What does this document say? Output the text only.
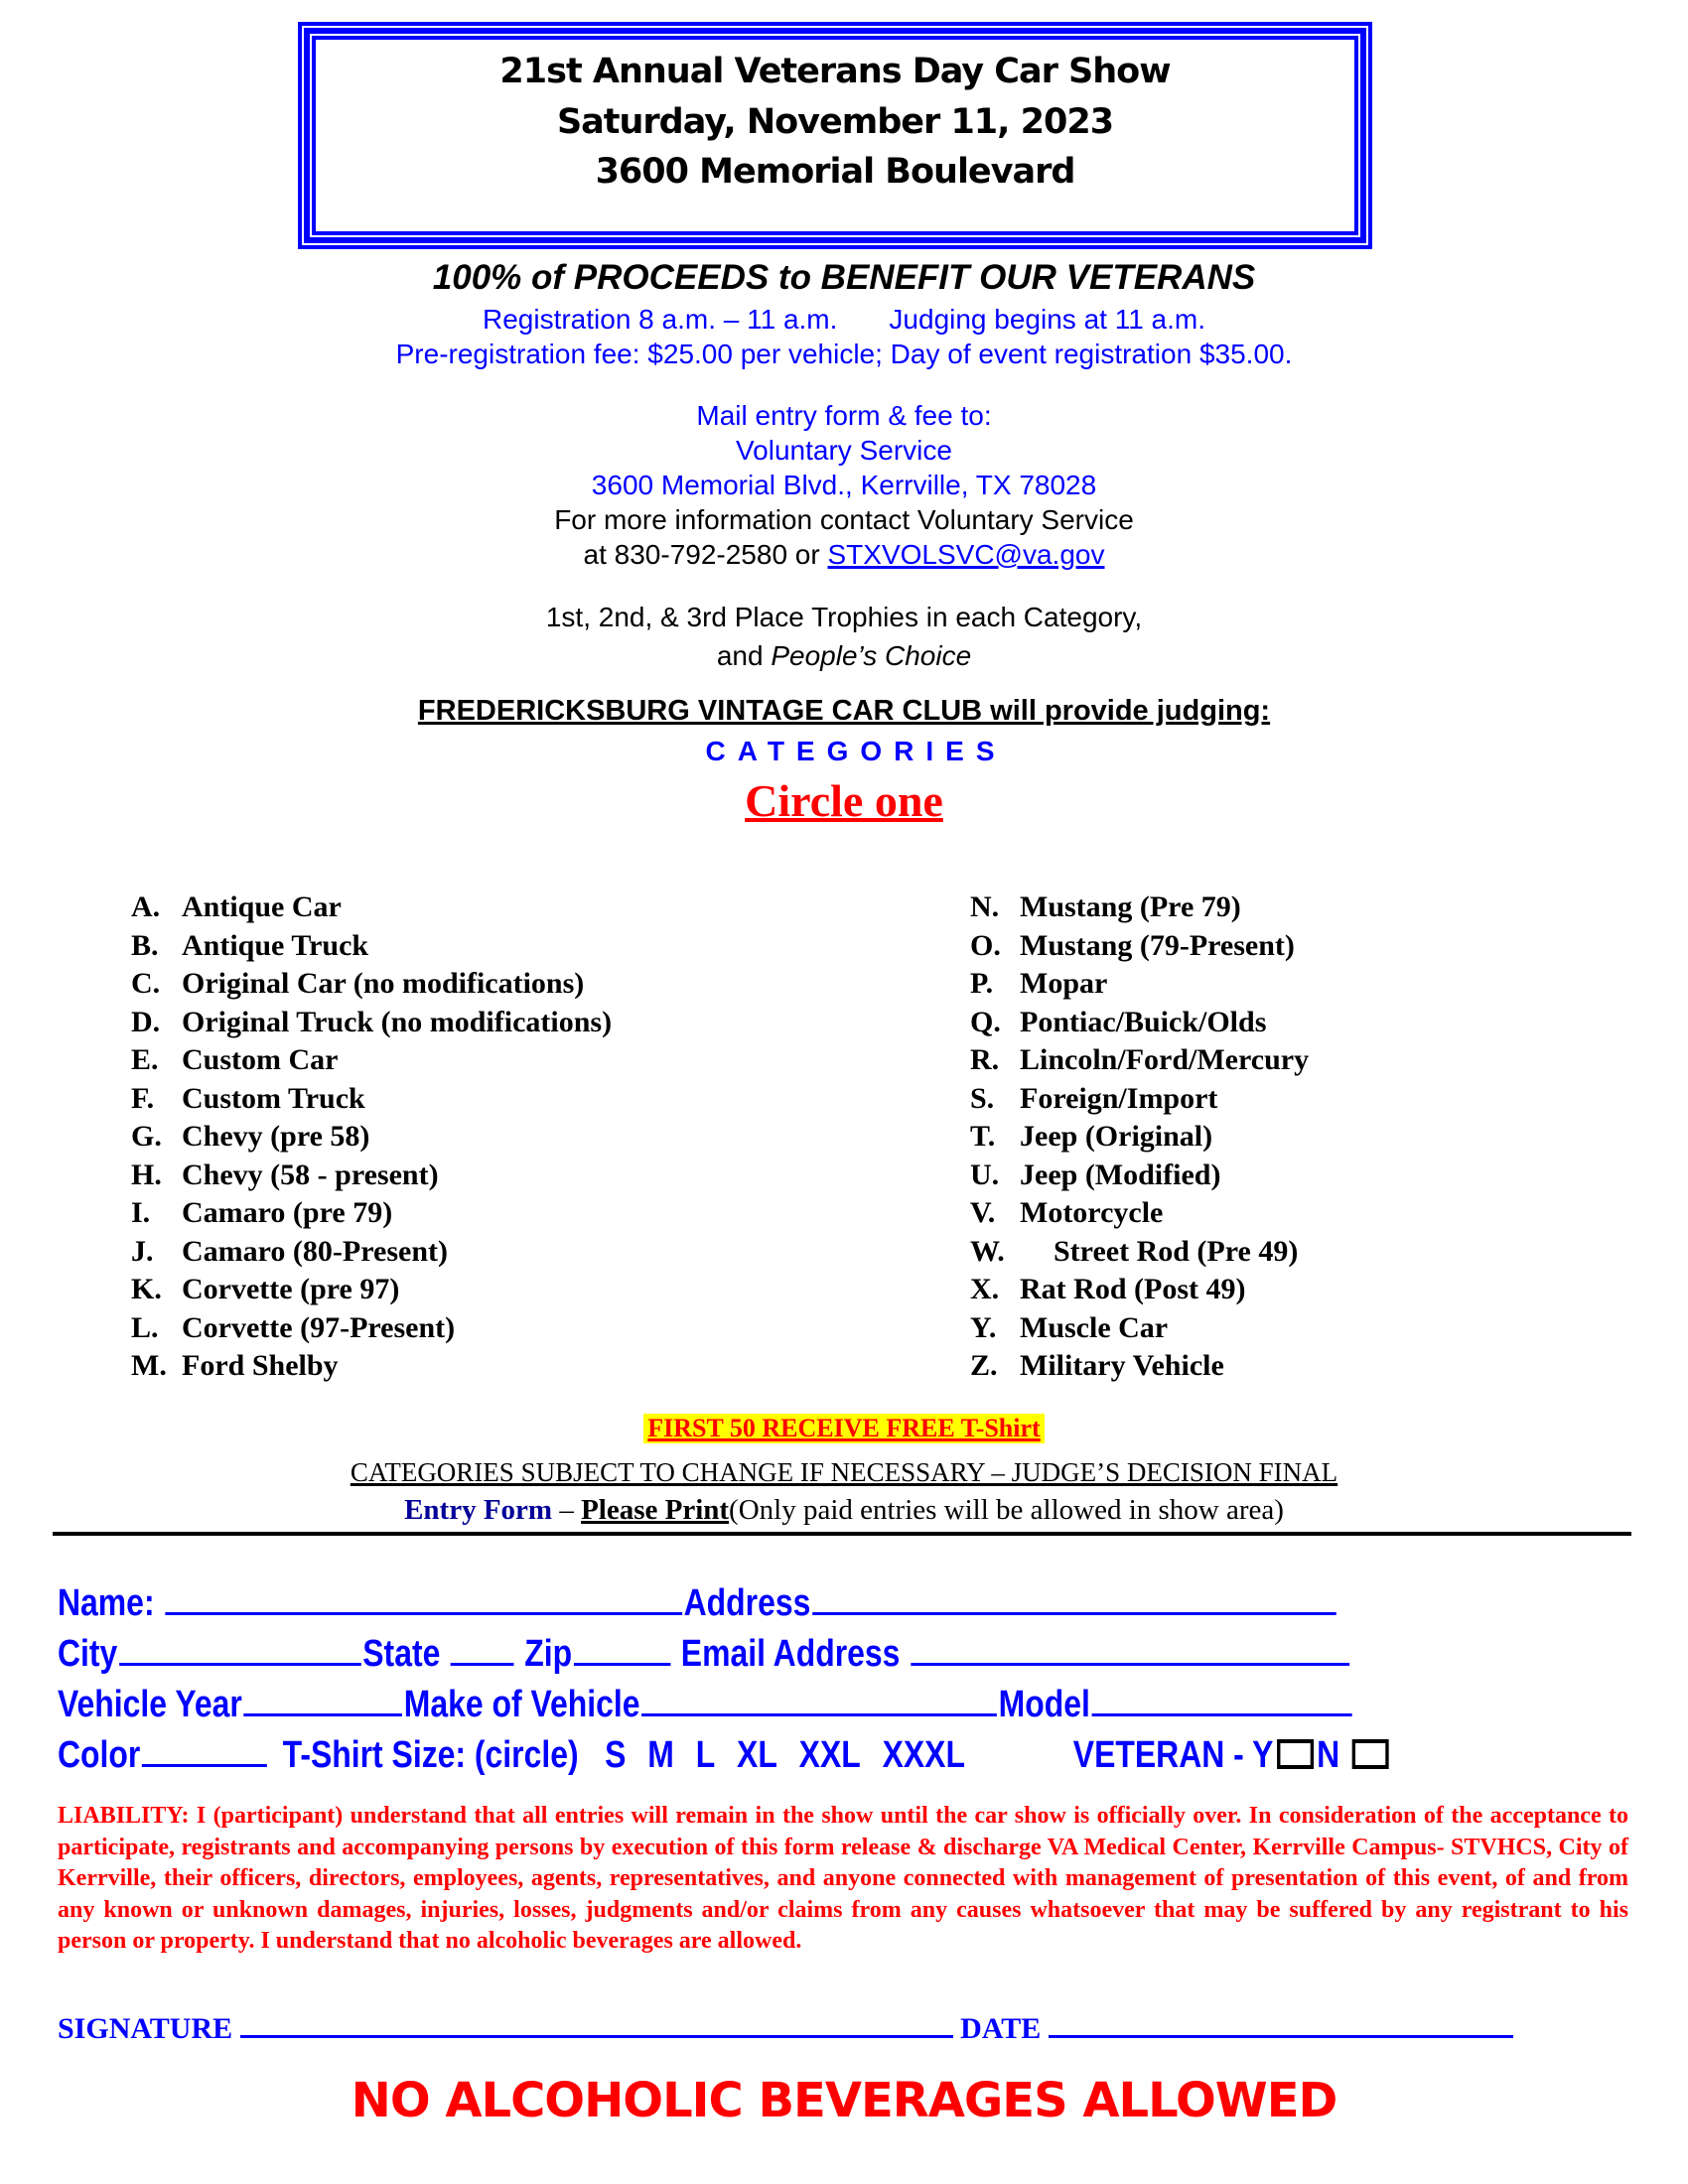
21st Annual Veterans Day Car Show
Saturday, November 11, 2023
3600 Memorial Boulevard
100% of PROCEEDS to BENEFIT OUR VETERANS
Registration 8 a.m. – 11 a.m. Judging begins at 11 a.m.
Pre-registration fee: $25.00 per vehicle; Day of event registration $35.00.
Mail entry form & fee to:
Voluntary Service
3600 Memorial Blvd., Kerrville, TX 78028
For more information contact Voluntary Service
at 830-792-2580 or STXVOLSVC@va.gov
1st, 2nd, & 3rd Place Trophies in each Category,
and People’s Choice
FREDERICKSBURG VINTAGE CAR CLUB will provide judging:
CATEGORIES
Circle one
A. Antique Car
B. Antique Truck
C. Original Car (no modifications)
D. Original Truck (no modifications)
E. Custom Car
F. Custom Truck
G. Chevy (pre 58)
H. Chevy (58 - present)
I. Camaro (pre 79)
J. Camaro (80-Present)
K. Corvette (pre 97)
L. Corvette (97-Present)
M. Ford Shelby
N. Mustang (Pre 79)
O. Mustang (79-Present)
P. Mopar
Q. Pontiac/Buick/Olds
R. Lincoln/Ford/Mercury
S. Foreign/Import
T. Jeep (Original)
U. Jeep (Modified)
V. Motorcycle
W. Street Rod (Pre 49)
X. Rat Rod (Post 49)
Y. Muscle Car
Z. Military Vehicle
FIRST 50 RECEIVE FREE T-Shirt
CATEGORIES SUBJECT TO CHANGE IF NECESSARY – JUDGE’S DECISION FINAL
Entry Form – Please Print(Only paid entries will be allowed in show area)
Name:	Address
City	State Zip	Email Address
Vehicle Year	Make of Vehicle	Model
Color	T-Shirt Size: (circle) S M L XL XXL XXXL	VETERAN - Y N
LIABILITY: I (participant) understand that all entries will remain in the show until the car show is officially over. In consideration of the acceptance to participate, registrants and accompanying persons by execution of this form release & discharge VA Medical Center, Kerrville Campus- STVHCS, City of Kerrville, their officers, directors, employees, agents, representatives, and anyone connected with management of presentation of this event, of and from any known or unknown damages, injuries, losses, judgments and/or claims from any causes whatsoever that may be suffered by any registrant to his person or property. I understand that no alcoholic beverages are allowed.
SIGNATURE	DATE
NO ALCOHOLIC BEVERAGES ALLOWED
